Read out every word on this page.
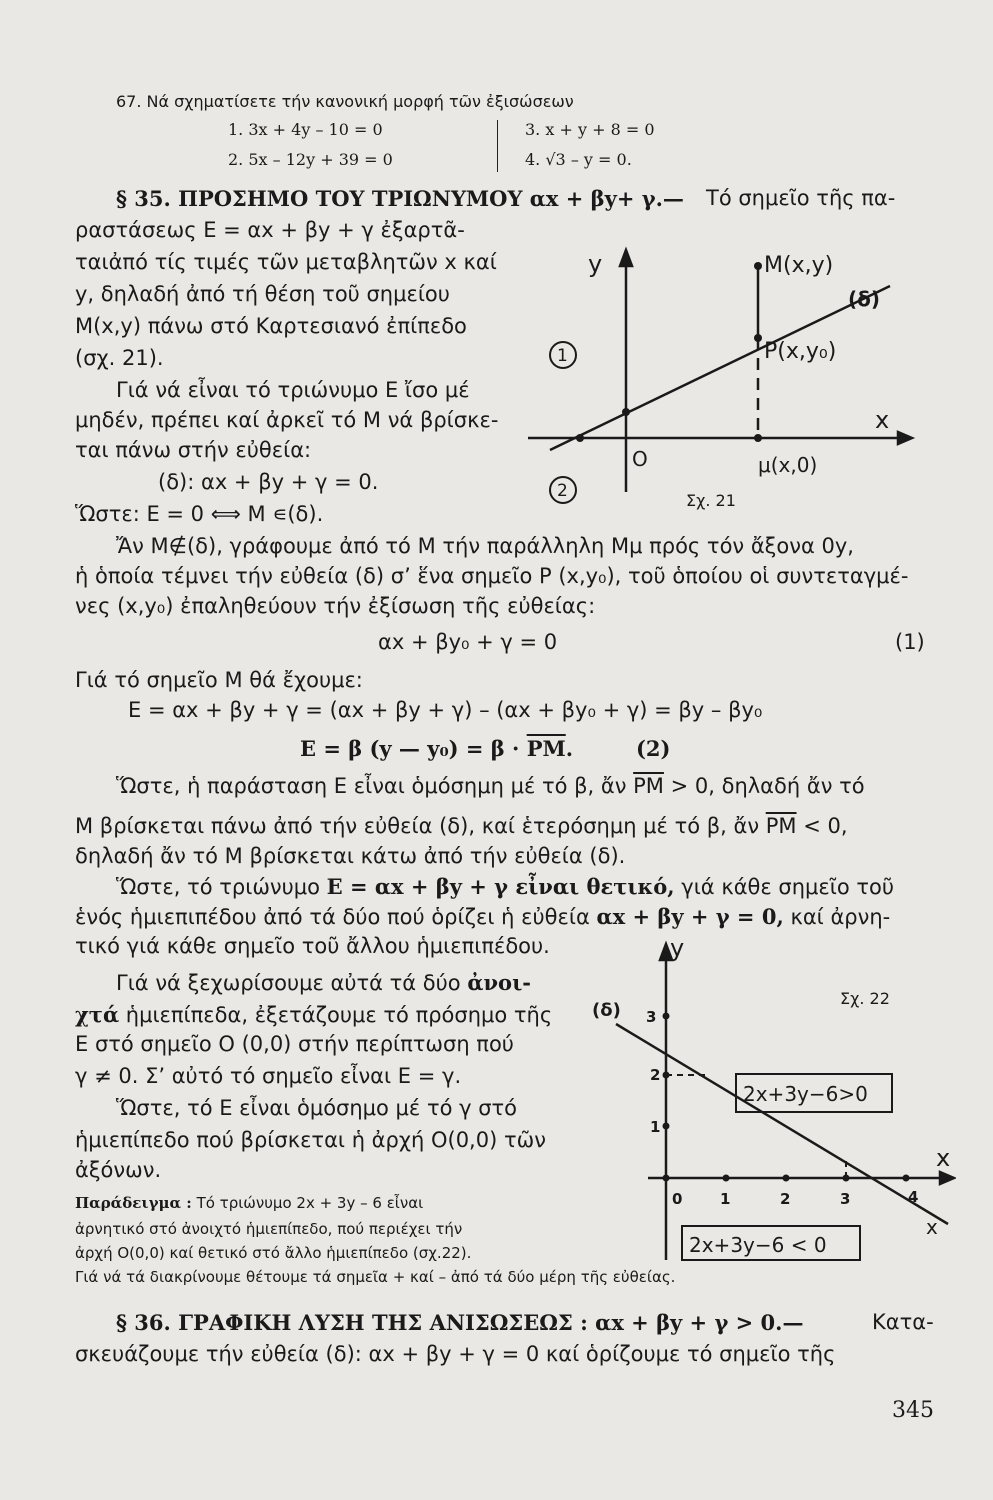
67. Νά σχηματίσετε τήν κανονική μορφή τῶν ἐξισώσεων
1. 3x + 4y – 10 = 0
2. 5x – 12y + 39 = 0
3. x + y + 8 = 0
4. √3 – y = 0.
§ 35. ΠΡΟΣΗΜΟ ΤΟΥ ΤΡΙΩΝΥΜΟΥ αx + βy+ γ.— Τό σημεῖο τῆς πα-
ραστάσεως Ε = αx + βy + γ ἐξαρτᾶ-
ταιἀπό τίς τιμές τῶν μεταβλητῶν x καί
y, δηλαδή ἀπό τή θέση τοῦ σημείου
Μ(x,y) πάνω στό Καρτεσιανό ἐπίπεδο
(σχ. 21).
Γιά νά εἶναι τό τριώνυμο Ε ἴσο μέ
μηδέν, πρέπει καί ἀρκεῖ τό Μ νά βρίσκε-
ται πάνω στήν εὐθεία:
(δ): αx + βy + γ = 0.
Ὥστε: Ε = 0 ⟺ Μ ∊(δ).
y
x
O
M(x,y)
P(x,y₀)
μ(x,0)
(δ)
1
2	Σχ. 21
Ἄν Μ∉(δ), γράφουμε ἀπό τό Μ τήν παράλληλη Μμ πρός τόν ἄξονα 0y,
ἡ ὁποία τέμνει τήν εὐθεία (δ) σ’ ἕνα σημεῖο Ρ (x,y₀), τοῦ ὁποίου οἱ συντεταγμέ-
νες (x,y₀) ἐπαληθεύουν τήν ἐξίσωση τῆς εὐθείας:
αx + βy₀ + γ = 0	(1)
Γιά τό σημεῖο Μ θά ἔχουμε:
Ε = αx + βy + γ = (αx + βy + γ) – (αx + βy₀ + γ) = βy – βy₀
Ε = β (y — $y_0) = \beta \cdot \overline{PM}$.	(2)
Ὥστε, ἡ παράσταση Ε εἶναι ὁμόσημη μέ τό β, ἄν $\overline{PM} > 0$, δηλαδή ἄν τό
Μ βρίσκεται πάνω ἀπό τήν εὐθεία (δ), καί ἑτερόσημη μέ τό β, ἄν $\overline{PM} < 0$,
δηλαδή ἄν τό Μ βρίσκεται κάτω ἀπό τήν εὐθεία (δ).
Ὥστε, τό τριώνυμο Ε = αx + βy + γ εἶναι θετικό, γιά κάθε σημεῖο τοῦ
ἑνός ἡμιεπιπέδου ἀπό τά δύο πού ὁρίζει ἡ εὐθεία αx + βy + γ = 0, καί ἀρνη-
τικό γιά κάθε σημεῖο τοῦ ἄλλου ἡμιεπιπέδου.
Γιά νά ξεχωρίσουμε αὐτά τά δύο ἀνοι-
χτά ἡμιεπίπεδα, ἐξετάζουμε τό πρόσημο τῆς
Ε στό σημεῖο Ο (0,0) στήν περίπτωση πού
γ ≠ 0. Σ’ αὐτό τό σημεῖο εἶναι Ε = γ.
Ὥστε, τό Ε εἶναι ὁμόσημο μέ τό γ στό
ἡμιεπίπεδο πού βρίσκεται ἡ ἀρχή Ο(0,0) τῶν
ἀξόνων.
Παράδειγμα : Τό τριώνυμο 2x + 3y – 6 εἶναι
ἀρνητικό στό ἀνοιχτό ἡμιεπίπεδο, πού περιέχει τήν
ἀρχή Ο(0,0) καί θετικό στό ἄλλο ἡμιεπίπεδο (σχ.22).
Γιά νά τά διακρίνουμε θέτουμε τά σημεῖα + καί – ἀπό τά δύο μέρη τῆς εὐθείας.
y
x
(δ)
Σχ. 22
2x+3y−6>0
2x+3y−6 < 0
x
0	1	2	3	4
1
2
3
§ 36. ΓΡΑΦΙΚΗ ΛΥΣΗ ΤΗΣ ΑΝΙΣΩΣΕΩΣ : αx + βy + γ > 0.—	Κατα-
σκευάζουμε τήν εὐθεία (δ): αx + βy + γ = 0 καί ὁρίζουμε τό σημεῖο τῆς
345
